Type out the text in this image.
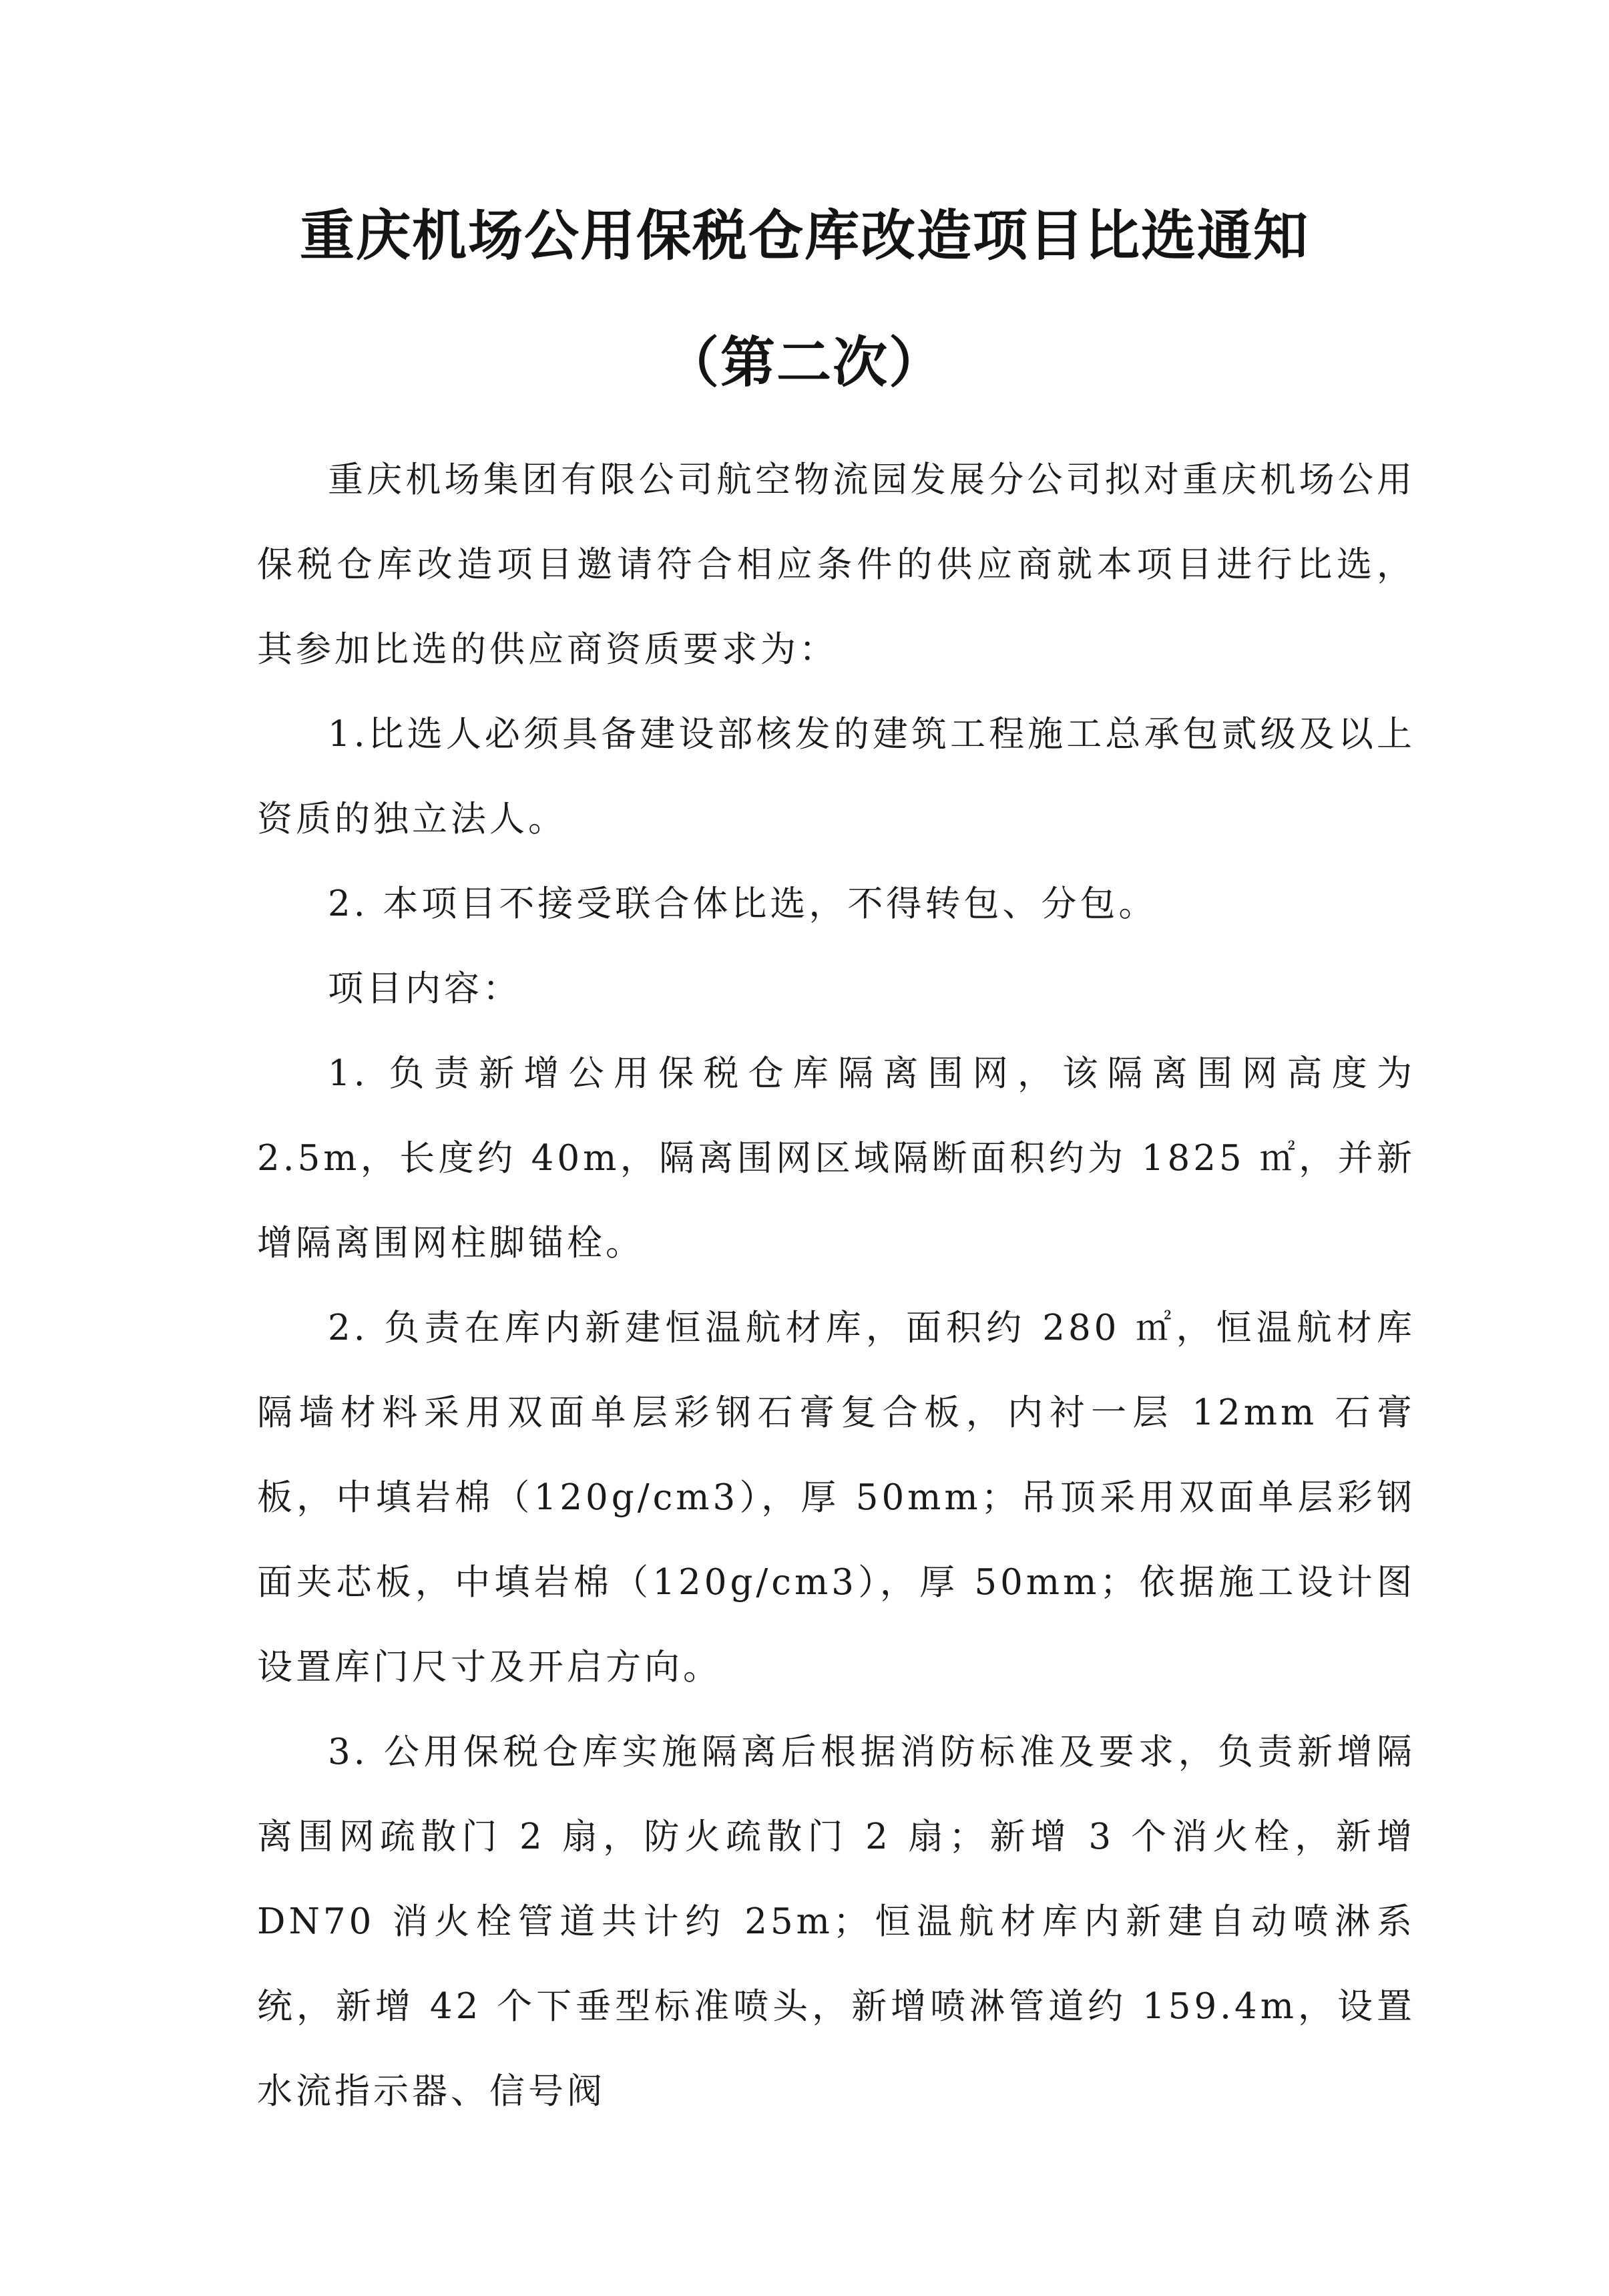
重庆机场公用保税仓库改造项目比选通知
（第二次）

重庆机场集团有限公司航空物流园发展分公司拟对重庆机场公用保税仓库改造项目邀请符合相应条件的供应商就本项目进行比选，其参加比选的供应商资质要求为：

1.比选人必须具备建设部核发的建筑工程施工总承包贰级及以上资质的独立法人。

2. 本项目不接受联合体比选，不得转包、分包。

项目内容：

1. 负责新增公用保税仓库隔离围网，该隔离围网高度为 2.5m，长度约 40m，隔离围网区域隔断面积约为 1825 ㎡，并新增隔离围网柱脚锚栓。

2. 负责在库内新建恒温航材库，面积约 280 ㎡，恒温航材库隔墙材料采用双面单层彩钢石膏复合板，内衬一层 12mm 石膏板，中填岩棉（120g/cm3），厚 50mm；吊顶采用双面单层彩钢面夹芯板，中填岩棉（120g/cm3），厚 50mm；依据施工设计图设置库门尺寸及开启方向。

3. 公用保税仓库实施隔离后根据消防标准及要求，负责新增隔离围网疏散门 2 扇，防火疏散门 2 扇；新增 3 个消火栓，新增 DN70 消火栓管道共计约 25m；恒温航材库内新建自动喷淋系统，新增 42 个下垂型标准喷头，新增喷淋管道约 159.4m，设置水流指示器、信号阀
